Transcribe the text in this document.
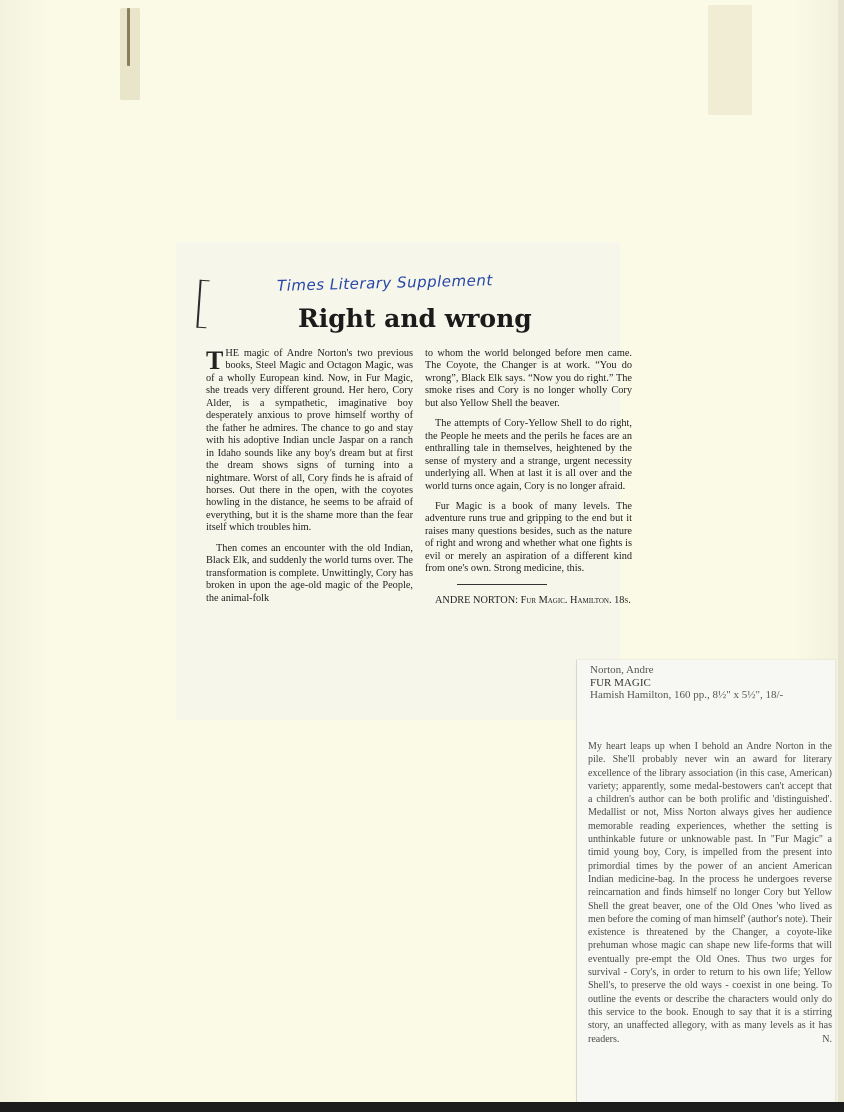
Times Literary Supplement
Right and wrong

THE magic of Andre Norton's two previous books, Steel Magic and Octagon Magic, was of a wholly European kind. Now, in Fur Magic, she treads very different ground. Her hero, Cory Alder, is a sympathetic, imaginative boy desperately anxious to prove himself worthy of the father he admires. The chance to go and stay with his adoptive Indian uncle Jaspar on a ranch in Idaho sounds like any boy's dream but at first the dream shows signs of turning into a nightmare. Worst of all, Cory finds he is afraid of horses. Out there in the open, with the coyotes howling in the distance, he seems to be afraid of everything, but it is the shame more than the fear itself which troubles him.

Then comes an encounter with the old Indian, Black Elk, and suddenly the world turns over. The transformation is complete. Unwittingly, Cory has broken in upon the age-old magic of the People, the animal-folk

to whom the world belonged before men came. The Coyote, the Changer is at work. “You do wrong”, Black Elk says. “Now you do right.” The smoke rises and Cory is no longer wholly Cory but also Yellow Shell the beaver.

The attempts of Cory-Yellow Shell to do right, the People he meets and the perils he faces are an enthralling tale in themselves, heightened by the sense of mystery and a strange, urgent necessity underlying all. When at last it is all over and the world turns once again, Cory is no longer afraid.

Fur Magic is a book of many levels. The adventure runs true and gripping to the end but it raises many questions besides, such as the nature of right and wrong and whether what one fights is evil or merely an aspiration of a different kind from one's own. Strong medicine, this.

ANDRE NORTON: Fur Magic. Hamilton. 18s.

Norton, Andre
FUR MAGIC
Hamish Hamilton, 160 pp., 8½" x 5½", 18/-

My heart leaps up when I behold an Andre Norton in the pile. She'll probably never win an award for literary excellence of the library association (in this case, American) variety; apparently, some medal-bestowers can't accept that a children's author can be both prolific and 'distinguished'. Medallist or not, Miss Norton always gives her audience memorable reading experiences, whether the setting is unthinkable future or unknowable past. In "Fur Magic" a timid young boy, Cory, is impelled from the present into primordial times by the power of an ancient American Indian medicine-bag. In the process he undergoes reverse reincarnation and finds himself no longer Cory but Yellow Shell the great beaver, one of the Old Ones 'who lived as men before the coming of man himself' (author's note). Their existence is threatened by the Changer, a coyote-like prehuman whose magic can shape new life-forms that will eventually pre-empt the Old Ones. Thus two urges for survival - Cory's, in order to return to his own life; Yellow Shell's, to preserve the old ways - coexist in one being. To outline the events or describe the characters would only do this service to the book. Enough to say that it is a stirring story, an unaffected allegory, with as many levels as it has readers.	N.
